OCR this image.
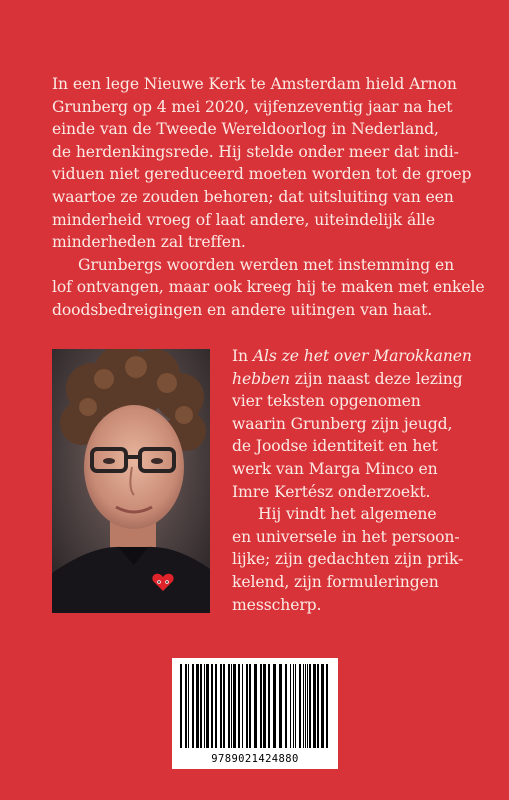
In een lege Nieuwe Kerk te Amsterdam hield Arnon
Grunberg op 4 mei 2020, vijfenzeventig jaar na het
einde van de Tweede Wereldoorlog in Nederland,
de herdenkingsrede. Hij stelde onder meer dat indi-
viduen niet gereduceerd moeten worden tot de groep
waartoe ze zouden behoren; dat uitsluiting van een
minderheid vroeg of laat andere, uiteindelijk álle
minderheden zal treffen.
Grunbergs woorden werden met instemming en
lof ontvangen, maar ook kreeg hij te maken met enkele
doodsbedreigingen en andere uitingen van haat.
In Als ze het over Marokkanen
hebben zijn naast deze lezing
vier teksten opgenomen
waarin Grunberg zijn jeugd,
de Joodse identiteit en het
werk van Marga Minco en
Imre Kertész onderzoekt.
Hij vindt het algemene
en universele in het persoon-
lijke; zijn gedachten zijn prik-
kelend, zijn formuleringen
messcherp.
9789021424880
